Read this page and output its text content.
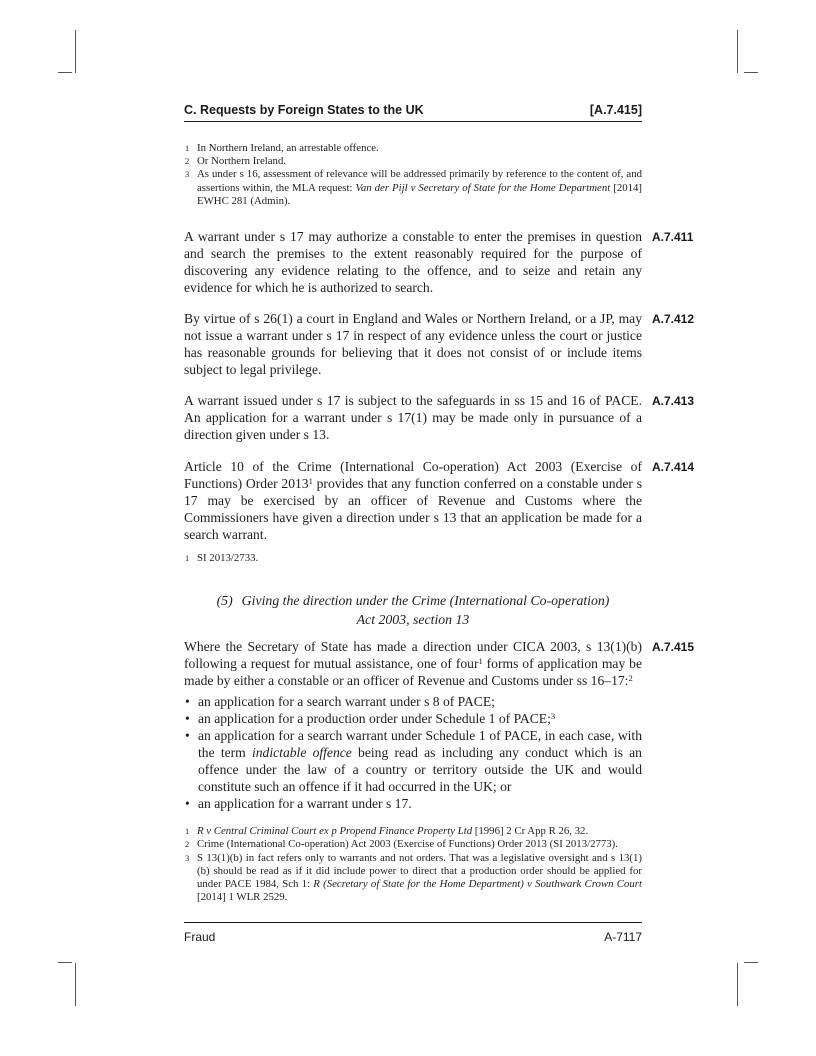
C. Requests by Foreign States to the UK	[A.7.415]
1 In Northern Ireland, an arrestable offence.
2 Or Northern Ireland.
3 As under s 16, assessment of relevance will be addressed primarily by reference to the content of, and assertions within, the MLA request: Van der Pijl v Secretary of State for the Home Department [2014] EWHC 281 (Admin).
A warrant under s 17 may authorize a constable to enter the premises in question and search the premises to the extent reasonably required for the purpose of discovering any evidence relating to the offence, and to seize and retain any evidence for which he is authorized to search.
A.7.411
By virtue of s 26(1) a court in England and Wales or Northern Ireland, or a JP, may not issue a warrant under s 17 in respect of any evidence unless the court or justice has reasonable grounds for believing that it does not consist of or include items subject to legal privilege.
A.7.412
A warrant issued under s 17 is subject to the safeguards in ss 15 and 16 of PACE. An application for a warrant under s 17(1) may be made only in pursuance of a direction given under s 13.
A.7.413
Article 10 of the Crime (International Co-operation) Act 2003 (Exercise of Functions) Order 2013$^1$ provides that any function conferred on a constable under s 17 may be exercised by an officer of Revenue and Customs where the Commissioners have given a direction under s 13 that an application be made for a search warrant.
A.7.414
1 SI 2013/2733.
(5) Giving the direction under the Crime (International Co-operation)
Act 2003, section 13
Where the Secretary of State has made a direction under CICA 2003, s 13(1)(b) following a request for mutual assistance, one of four$^1$ forms of application may be made by either a constable or an officer of Revenue and Customs under ss 16–17:$^2$
A.7.415
• an application for a search warrant under s 8 of PACE;
• an application for a production order under Schedule 1 of PACE;$^3$
• an application for a search warrant under Schedule 1 of PACE, in each case, with the term indictable offence being read as including any conduct which is an offence under the law of a country or territory outside the UK and would constitute such an offence if it had occurred in the UK; or
• an application for a warrant under s 17.
1 R v Central Criminal Court ex p Propend Finance Property Ltd [1996] 2 Cr App R 26, 32.
2 Crime (International Co-operation) Act 2003 (Exercise of Functions) Order 2013 (SI 2013/2773).
3 S 13(1)(b) in fact refers only to warrants and not orders. That was a legislative oversight and s 13(1)(b) should be read as if it did include power to direct that a production order should be applied for under PACE 1984, Sch 1: R (Secretary of State for the Home Department) v Southwark Crown Court [2014] 1 WLR 2529.
Fraud	A-7117
